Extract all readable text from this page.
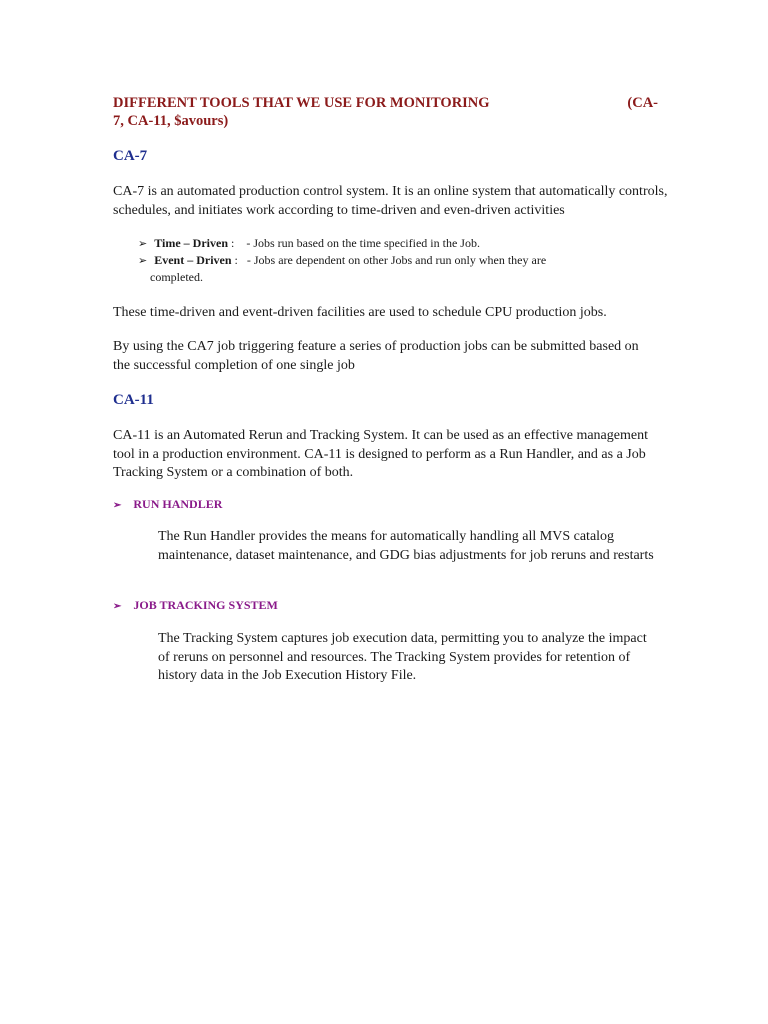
DIFFERENT TOOLS THAT WE USE FOR MONITORING	(CA-
7, CA-11, $avours)
CA-7

CA-7 is an automated production control system. It is an online system that automatically controls, schedules, and initiates work according to time-driven and even-driven activities

➢ Time – Driven :    - Jobs run based on the time specified in the Job.
➢ Event – Driven :   - Jobs are dependent on other Jobs and run only when they are
completed.

These time-driven and event-driven facilities are used to schedule CPU production jobs.

By using the CA7 job triggering feature a series of production jobs can be submitted based on the successful completion of one single job

CA-11

CA-11 is an Automated Rerun and Tracking System. It can be used as an effective management tool in a production environment. CA-11 is designed to perform as a Run Handler, and as a Job Tracking System or a combination of both.

➢ RUN HANDLER

The Run Handler provides the means for automatically handling all MVS catalog maintenance, dataset maintenance, and GDG bias adjustments for job reruns and restarts

➢ JOB TRACKING SYSTEM

The Tracking System captures job execution data, permitting you to analyze the impact of reruns on personnel and resources. The Tracking System provides for retention of history data in the Job Execution History File.
